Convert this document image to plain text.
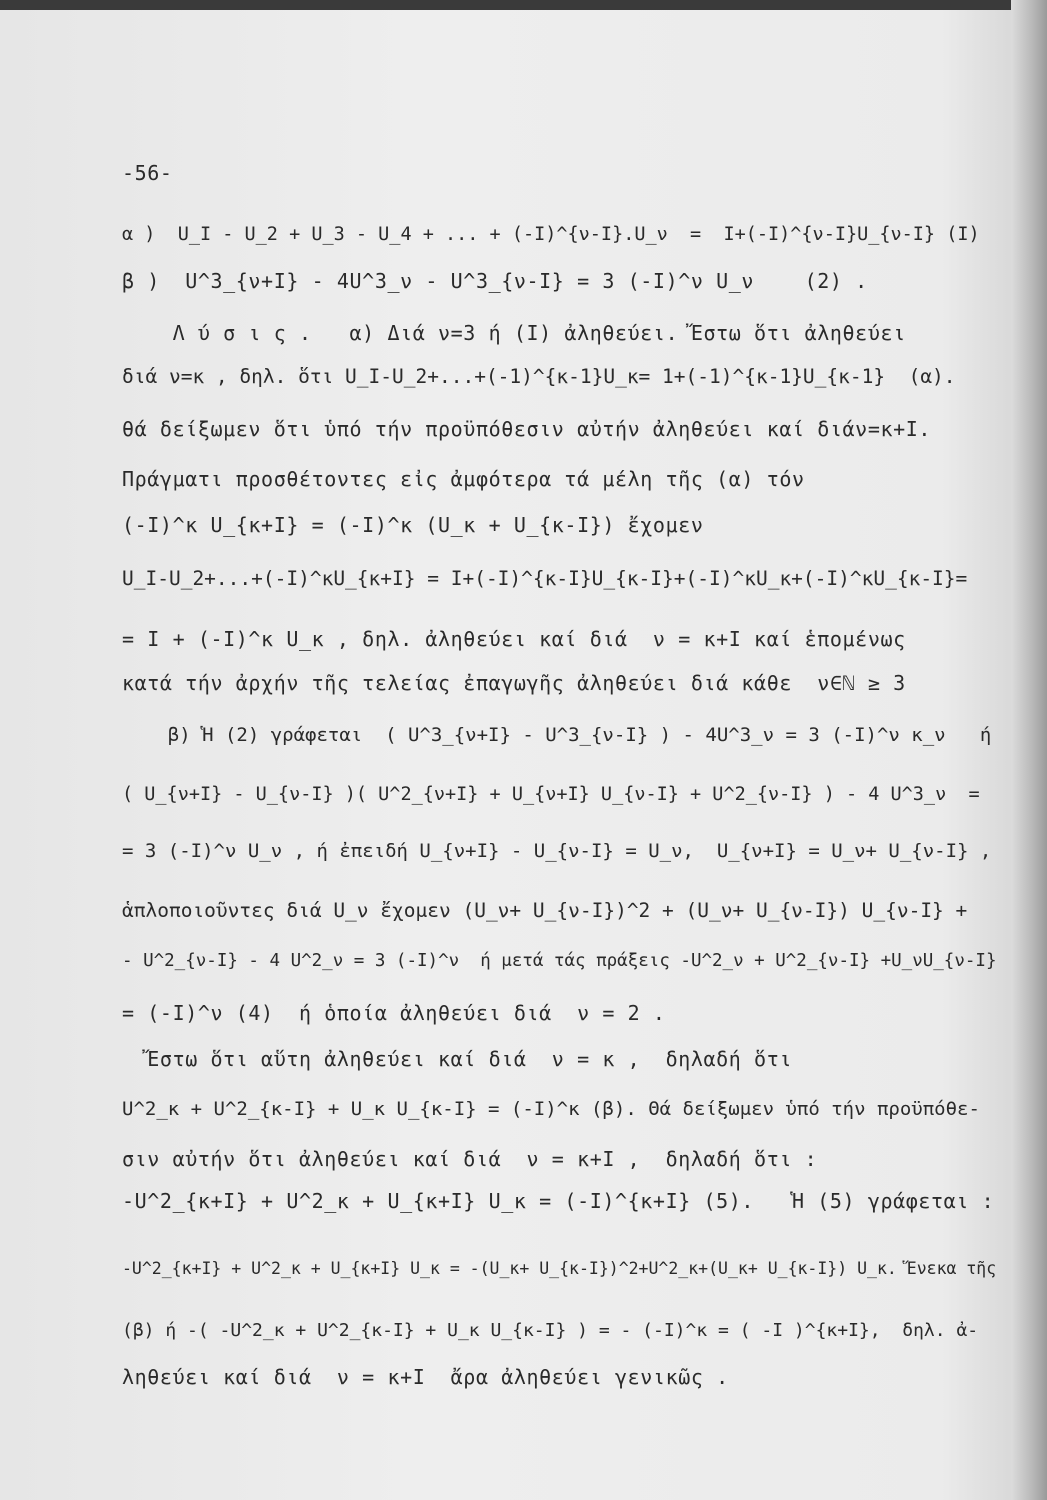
-56-
α )  U_I - U_2 + U_3 - U_4 + ... + (-I)^{ν-I}.U_ν  =  I+(-I)^{ν-I}U_{ν-I} (I)
β )  U^3_{ν+I} - 4U^3_ν - U^3_{ν-I} = 3 (-I)^ν U_ν    (2) .
Λ ύ σ ι ς .   α) Διά ν=3 ή (I) ἀληθεύει. Ἔστω ὅτι ἀληθεύει
διά ν=κ , δηλ. ὅτι U_I-U_2+...+(-1)^{κ-1}U_κ= 1+(-1)^{κ-1}U_{κ-1}  (α).
θά δείξωμεν ὅτι ὑπό τήν προϋπόθεσιν αὐτήν ἀληθεύει καί διάν=κ+I.
Πράγματι προσθέτοντες εἰς ἀμφότερα τά μέλη τῆς (α) τόν
(-I)^κ U_{κ+I} = (-I)^κ (U_κ + U_{κ-I}) ἔχομεν
U_I-U_2+...+(-I)^κU_{κ+I} = I+(-I)^{κ-I}U_{κ-I}+(-I)^κU_κ+(-I)^κU_{κ-I}=
= I + (-I)^κ U_κ , δηλ. ἀληθεύει καί διά  ν = κ+I καί ἑπομένως
κατά τήν ἀρχήν τῆς τελείας ἐπαγωγῆς ἀληθεύει διά κάθε  ν∈ℕ ≥ 3
β) Ἡ (2) γράφεται  ( U^3_{ν+I} - U^3_{ν-I} ) - 4U^3_ν = 3 (-I)^ν κ_ν   ή
( U_{ν+I} - U_{ν-I} )( U^2_{ν+I} + U_{ν+I} U_{ν-I} + U^2_{ν-I} ) - 4 U^3_ν  =
= 3 (-I)^ν U_ν , ή ἐπειδή U_{ν+I} - U_{ν-I} = U_ν,  U_{ν+I} = U_ν+ U_{ν-I} ,
ἁπλοποιοῦντες διά U_ν ἔχομεν (U_ν+ U_{ν-I})^2 + (U_ν+ U_{ν-I}) U_{ν-I} +
- U^2_{ν-I} - 4 U^2_ν = 3 (-I)^ν  ή μετά τάς πράξεις -U^2_ν + U^2_{ν-I} +U_νU_{ν-I}
= (-I)^ν (4)  ή ὁποία ἀληθεύει διά  ν = 2 .
Ἔστω ὅτι αὕτη ἀληθεύει καί διά  ν = κ ,  δηλαδή ὅτι
U^2_κ + U^2_{κ-I} + U_κ U_{κ-I} = (-I)^κ (β). Θά δείξωμεν ὑπό τήν προϋπόθε-
σιν αὐτήν ὅτι ἀληθεύει καί διά  ν = κ+I ,  δηλαδή ὅτι :
-U^2_{κ+I} + U^2_κ + U_{κ+I} U_κ = (-I)^{κ+I} (5).   Ἡ (5) γράφεται :
-U^2_{κ+I} + U^2_κ + U_{κ+I} U_κ = -(U_κ+ U_{κ-I})^2+U^2_κ+(U_κ+ U_{κ-I}) U_κ. Ἕνεκα τῆς
(β) ή -( -U^2_κ + U^2_{κ-I} + U_κ U_{κ-I} ) = - (-I)^κ = ( -I )^{κ+I},  δηλ. ἀ-
ληθεύει καί διά  ν = κ+I  ἄρα ἀληθεύει γενικῶς .
